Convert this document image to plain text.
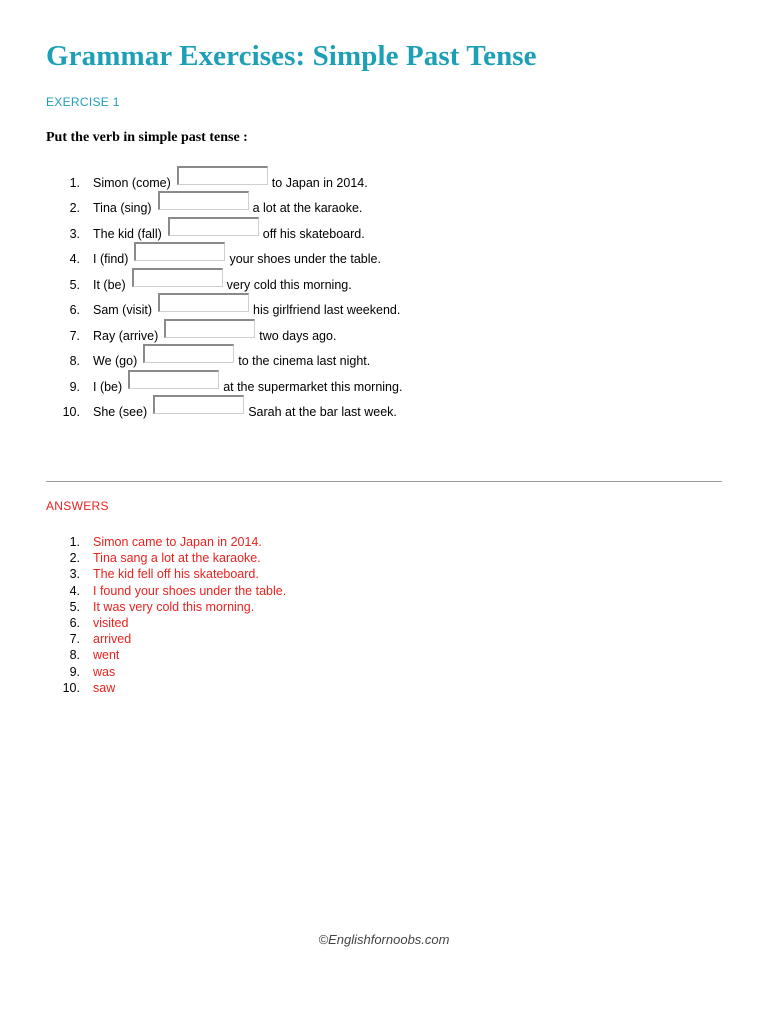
Grammar Exercises: Simple Past Tense
EXERCISE 1
Put the verb in simple past tense :
1. Simon (come)	to Japan in 2014.
2. Tina (sing)	a lot at the karaoke.
3. The kid (fall)	off his skateboard.
4. I (find)	your shoes under the table.
5. It (be)	very cold this morning.
6. Sam (visit)	his girlfriend last weekend.
7. Ray (arrive)	two days ago.
8. We (go)	to the cinema last night.
9. I (be)	at the supermarket this morning.
10. She (see)	Sarah at the bar last week.
ANSWERS
1. Simon came to Japan in 2014.
2. Tina sang a lot at the karaoke.
3. The kid fell off his skateboard.
4. I found your shoes under the table.
5. It was very cold this morning.
6. visited
7. arrived
8. went
9. was
10. saw
©Englishfornoobs.com
